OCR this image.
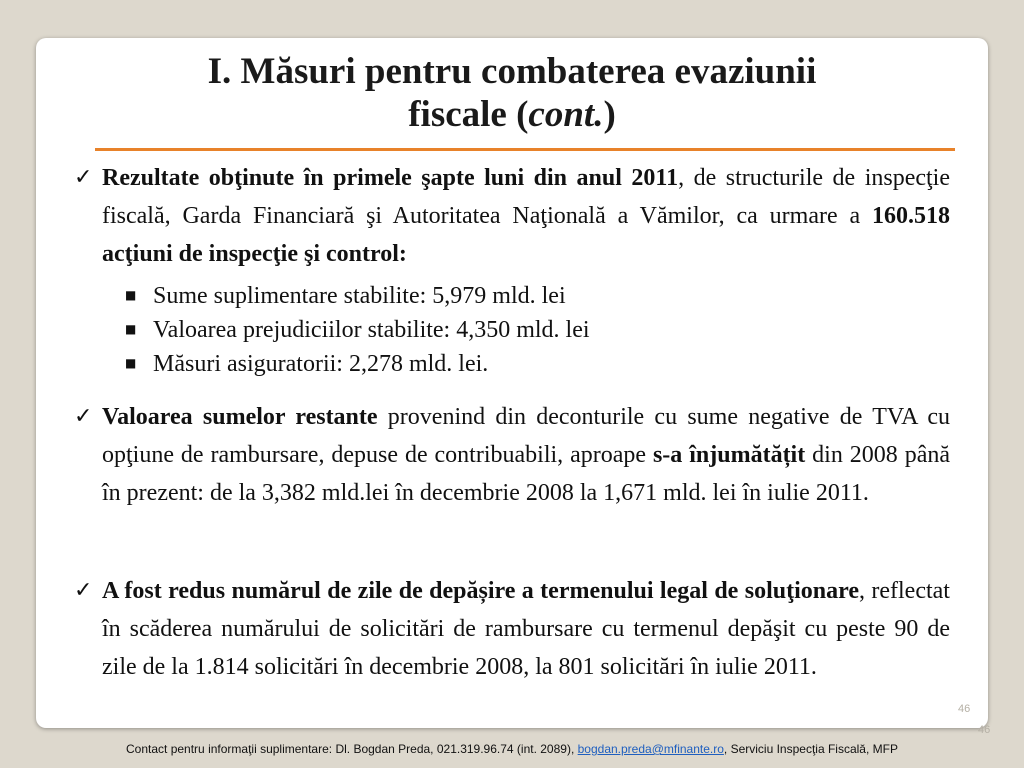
I. Măsuri pentru combaterea evaziunii
fiscale (cont.)
✓ Rezultate obţinute în primele şapte luni din anul 2011, de structurile de inspecţie fiscală, Garda Financiară şi Autoritatea Naţională a Vămilor, ca urmare a 160.518 acţiuni de inspecţie şi control:
■ Sume suplimentare stabilite: 5,979 mld. lei
■ Valoarea prejudiciilor stabilite: 4,350 mld. lei
■ Măsuri asiguratorii: 2,278 mld. lei.
✓ Valoarea sumelor restante provenind din deconturile cu sume negative de TVA cu opţiune de rambursare, depuse de contribuabili, aproape s-a înjumătățit din 2008 până în prezent: de la 3,382 mld.lei în decembrie 2008 la 1,671 mld. lei în iulie 2011.
✓ A fost redus numărul de zile de depășire a termenului legal de soluţionare, reflectat în scăderea numărului de solicitări de rambursare cu termenul depăşit cu peste 90 de zile de la 1.814 solicitări în decembrie 2008, la 801 solicitări în iulie 2011.
46
46
Contact pentru informaţii suplimentare: Dl. Bogdan Preda, 021.319.96.74 (int. 2089), bogdan.preda@mfinante.ro, Serviciu Inspecţia Fiscală, MFP
